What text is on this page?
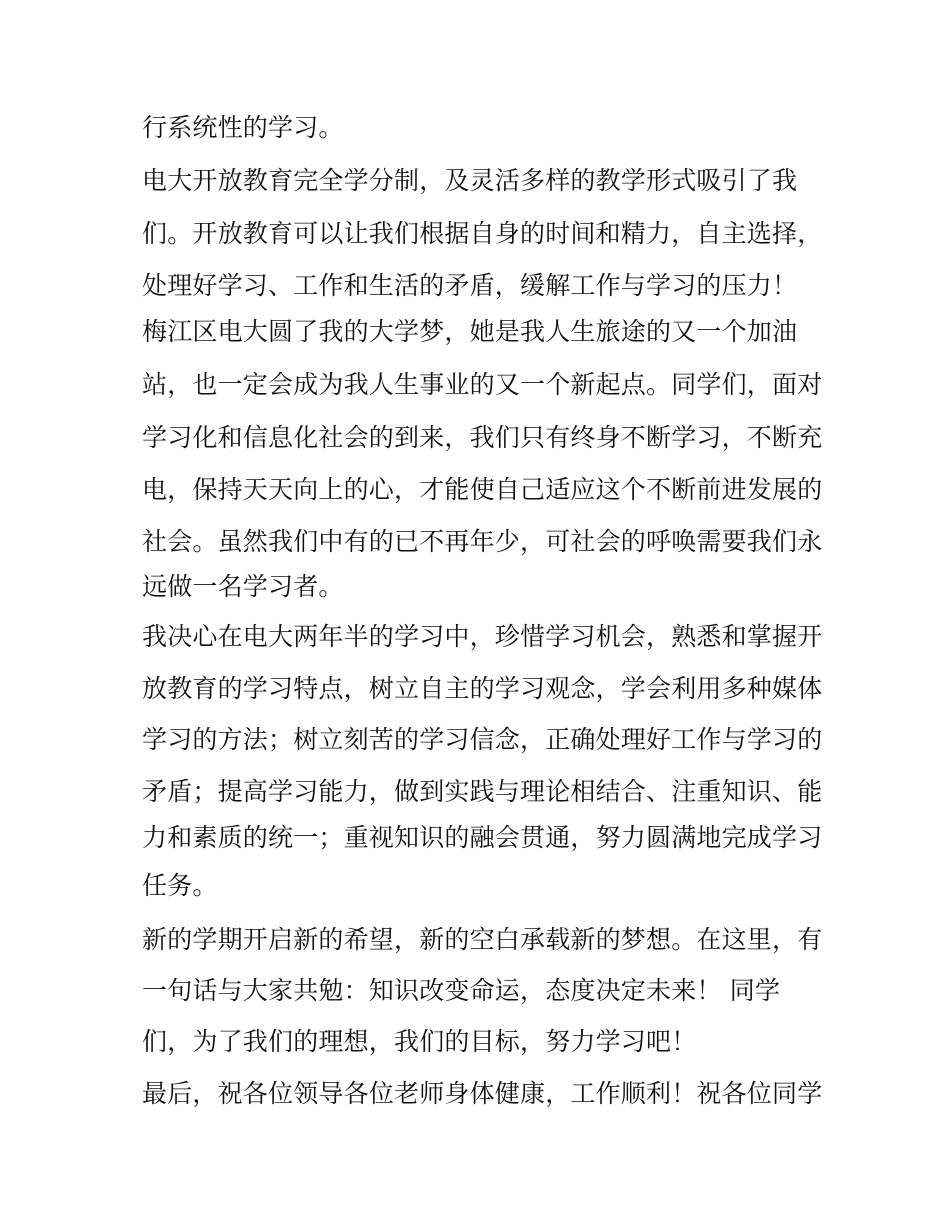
行系统性的学习。
电大开放教育完全学分制，及灵活多样的教学形式吸引了我
们。开放教育可以让我们根据自身的时间和精力，自主选择，
处理好学习、工作和生活的矛盾，缓解工作与学习的压力！
梅江区电大圆了我的大学梦，她是我人生旅途的又一个加油
站，也一定会成为我人生事业的又一个新起点。同学们，面对
学习化和信息化社会的到来，我们只有终身不断学习，不断充
电，保持天天向上的心，才能使自己适应这个不断前进发展的
社会。虽然我们中有的已不再年少，可社会的呼唤需要我们永
远做一名学习者。
我决心在电大两年半的学习中，珍惜学习机会，熟悉和掌握开
放教育的学习特点，树立自主的学习观念，学会利用多种媒体
学习的方法；树立刻苦的学习信念，正确处理好工作与学习的
矛盾；提高学习能力，做到实践与理论相结合、注重知识、能
力和素质的统一；重视知识的融会贯通，努力圆满地完成学习
任务。
新的学期开启新的希望，新的空白承载新的梦想。在这里，有
一句话与大家共勉：知识改变命运，态度决定未来！ 同学
们，为了我们的理想，我们的目标，努力学习吧！
最后，祝各位领导各位老师身体健康，工作顺利！祝各位同学
